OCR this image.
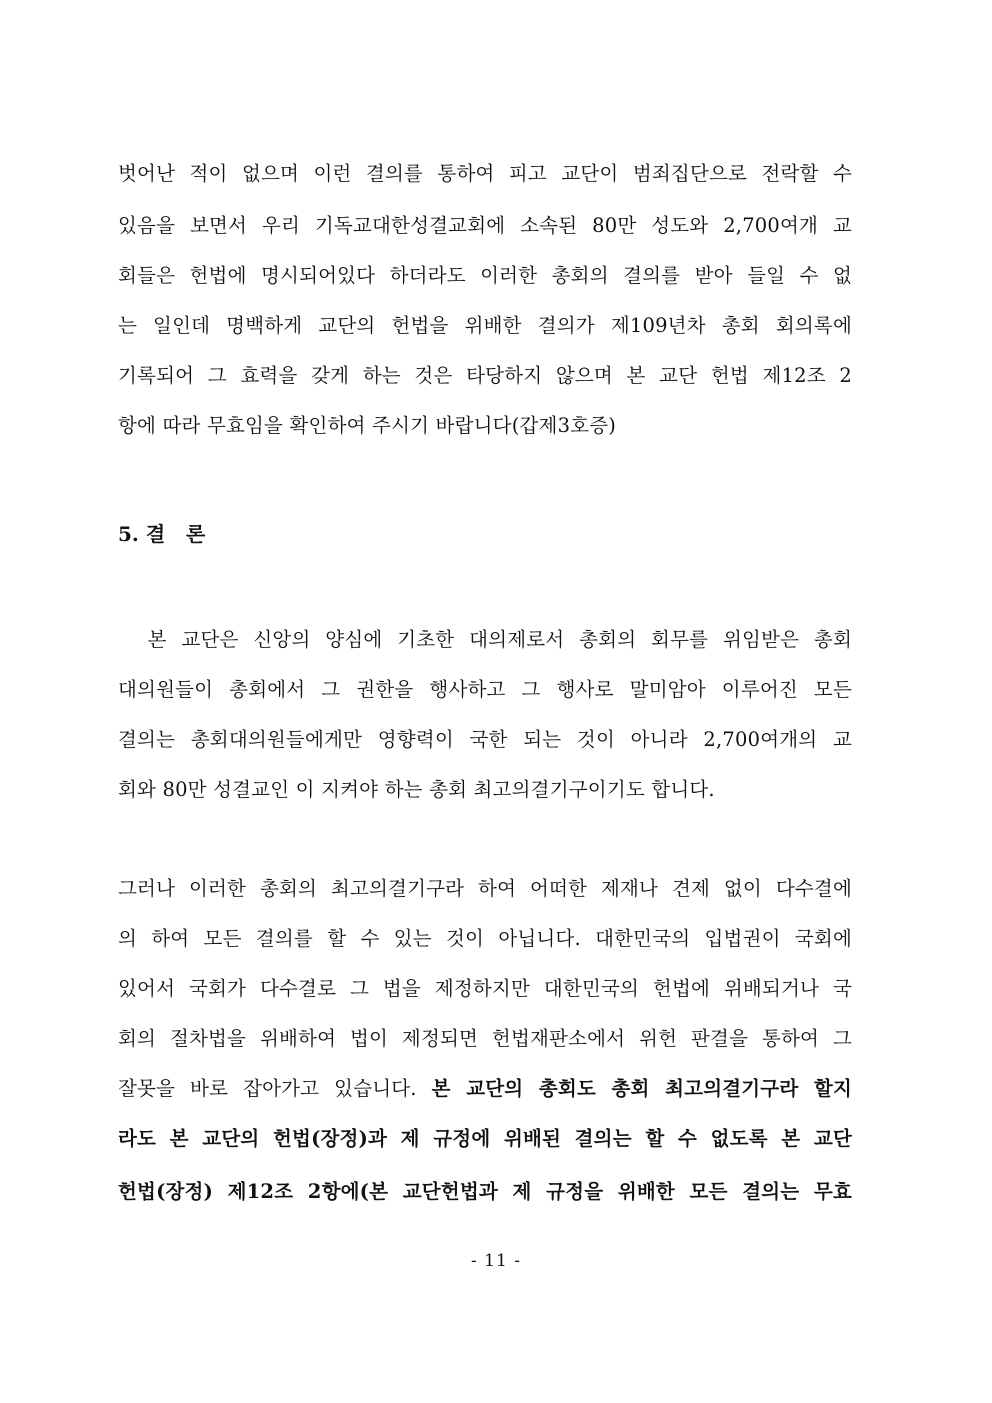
벗어난 적이 없으며 이런 결의를 통하여 피고 교단이 범죄집단으로 전락할 수
있음을 보면서 우리 기독교대한성결교회에 소속된 80만 성도와 2,700여개 교
회들은 헌법에 명시되어있다 하더라도 이러한 총회의 결의를 받아 들일 수 없
는 일인데 명백하게 교단의 헌법을 위배한 결의가 제109년차 총회 회의록에
기록되어 그 효력을 갖게 하는 것은 타당하지 않으며 본 교단 헌법 제12조 2
항에 따라 무효임을 확인하여 주시기 바랍니다(갑제3호증)
5. 결   론
본 교단은 신앙의 양심에 기초한 대의제로서 총회의 회무를 위임받은 총회
대의원들이 총회에서 그 권한을 행사하고 그 행사로 말미암아 이루어진 모든
결의는 총회대의원들에게만 영향력이 국한 되는 것이 아니라 2,700여개의 교
회와 80만 성결교인 이 지켜야 하는 총회 최고의결기구이기도 합니다.
그러나 이러한 총회의 최고의결기구라 하여 어떠한 제재나 견제 없이 다수결에
의 하여 모든 결의를 할 수 있는 것이 아닙니다. 대한민국의 입법권이 국회에
있어서 국회가 다수결로 그 법을 제정하지만 대한민국의 헌법에 위배되거나 국
회의 절차법을 위배하여 법이 제정되면 헌법재판소에서 위헌 판결을 통하여 그
잘못을 바로 잡아가고 있습니다. 본 교단의 총회도 총회 최고의결기구라 할지
라도 본 교단의 헌법(장정)과 제 규정에 위배된 결의는 할 수 없도록 본 교단
헌법(장정) 제12조 2항에(본 교단헌법과 제 규정을 위배한 모든 결의는 무효
- 11 -
